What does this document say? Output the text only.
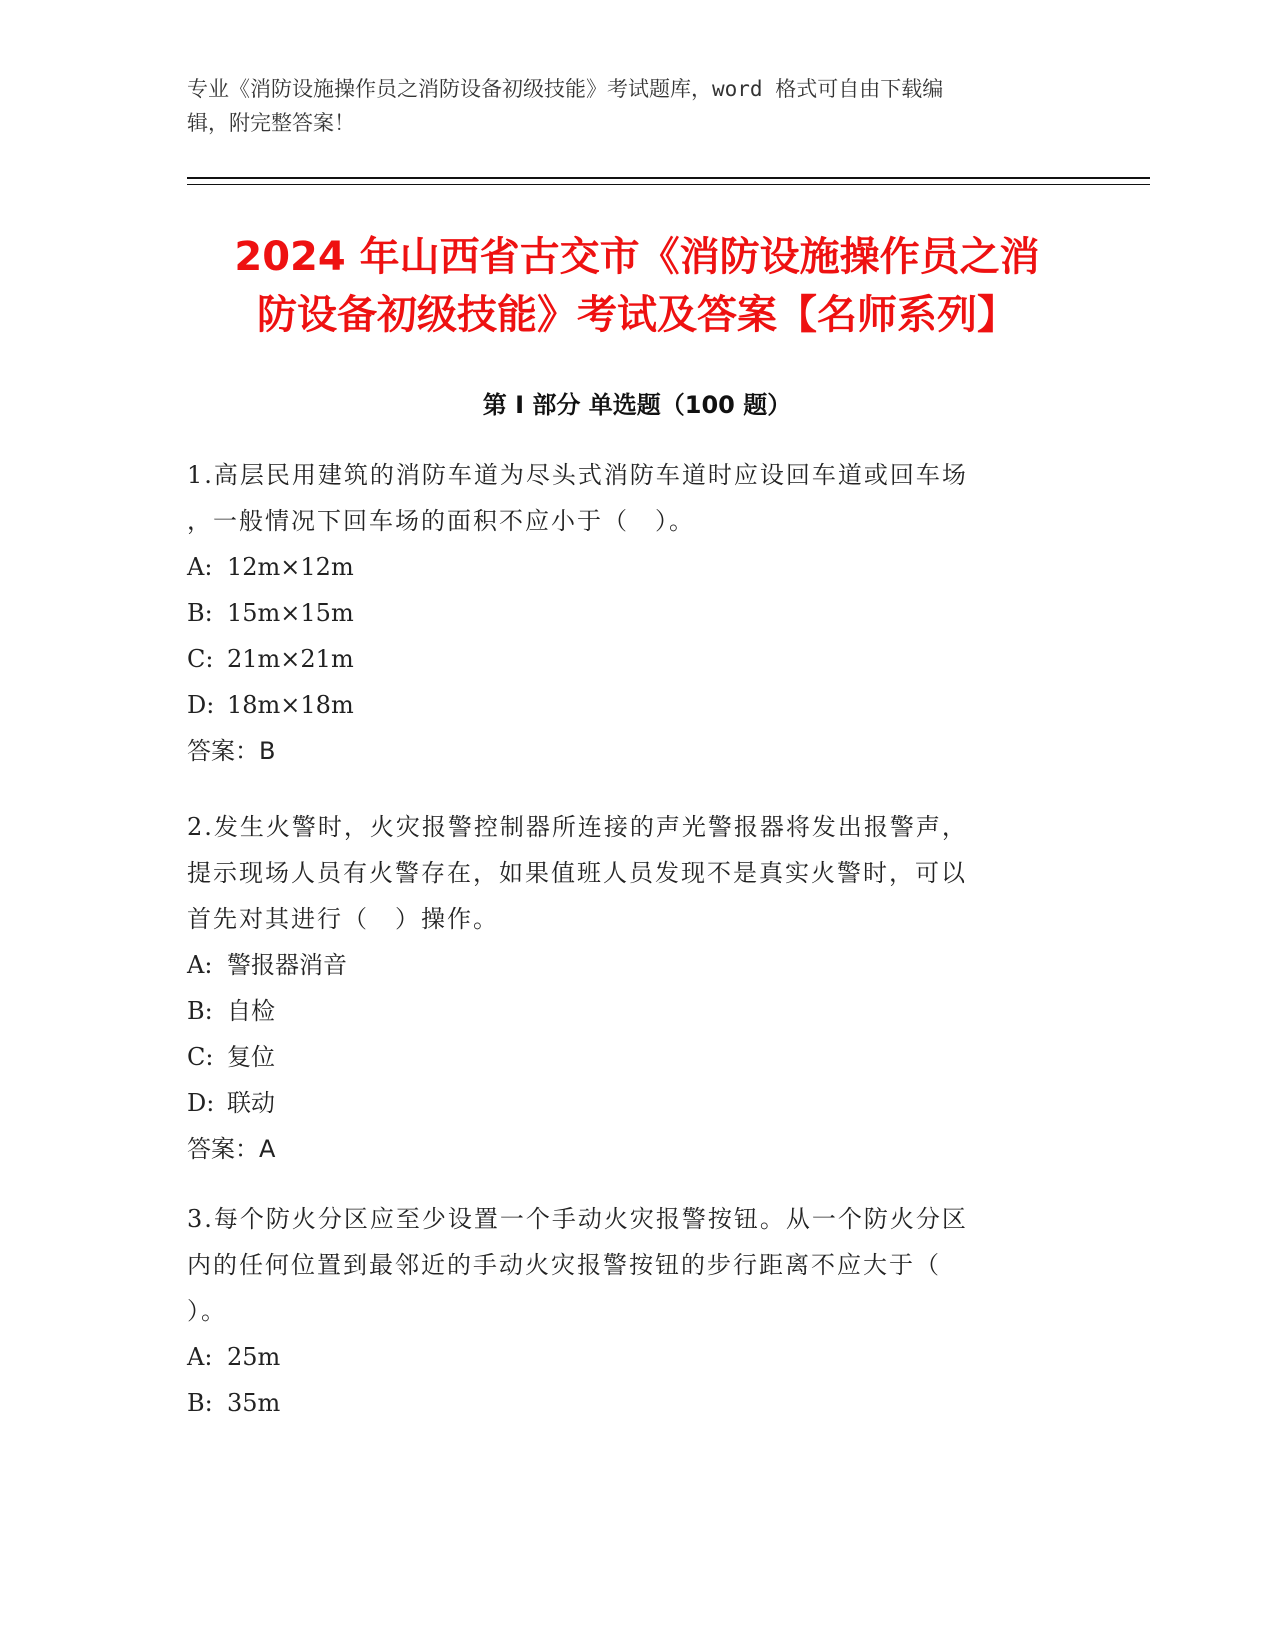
专业《消防设施操作员之消防设备初级技能》考试题库，word 格式可自由下载编
辑，附完整答案！
2024 年山西省古交市《消防设施操作员之消
防设备初级技能》考试及答案【名师系列】
第 I 部分 单选题（100 题）
1.高层民用建筑的消防车道为尽头式消防车道时应设回车道或回车场
，一般情况下回车场的面积不应小于（　）。
A: 12m×12m
B: 15m×15m
C: 21m×21m
D: 18m×18m
答案：B
2.发生火警时，火灾报警控制器所连接的声光警报器将发出报警声，
提示现场人员有火警存在，如果值班人员发现不是真实火警时，可以
首先对其进行（　）操作。
A: 警报器消音
B: 自检
C: 复位
D: 联动
答案：A
3.每个防火分区应至少设置一个手动火灾报警按钮。从一个防火分区
内的任何位置到最邻近的手动火灾报警按钮的步行距离不应大于（
）。
A: 25m
B: 35m
